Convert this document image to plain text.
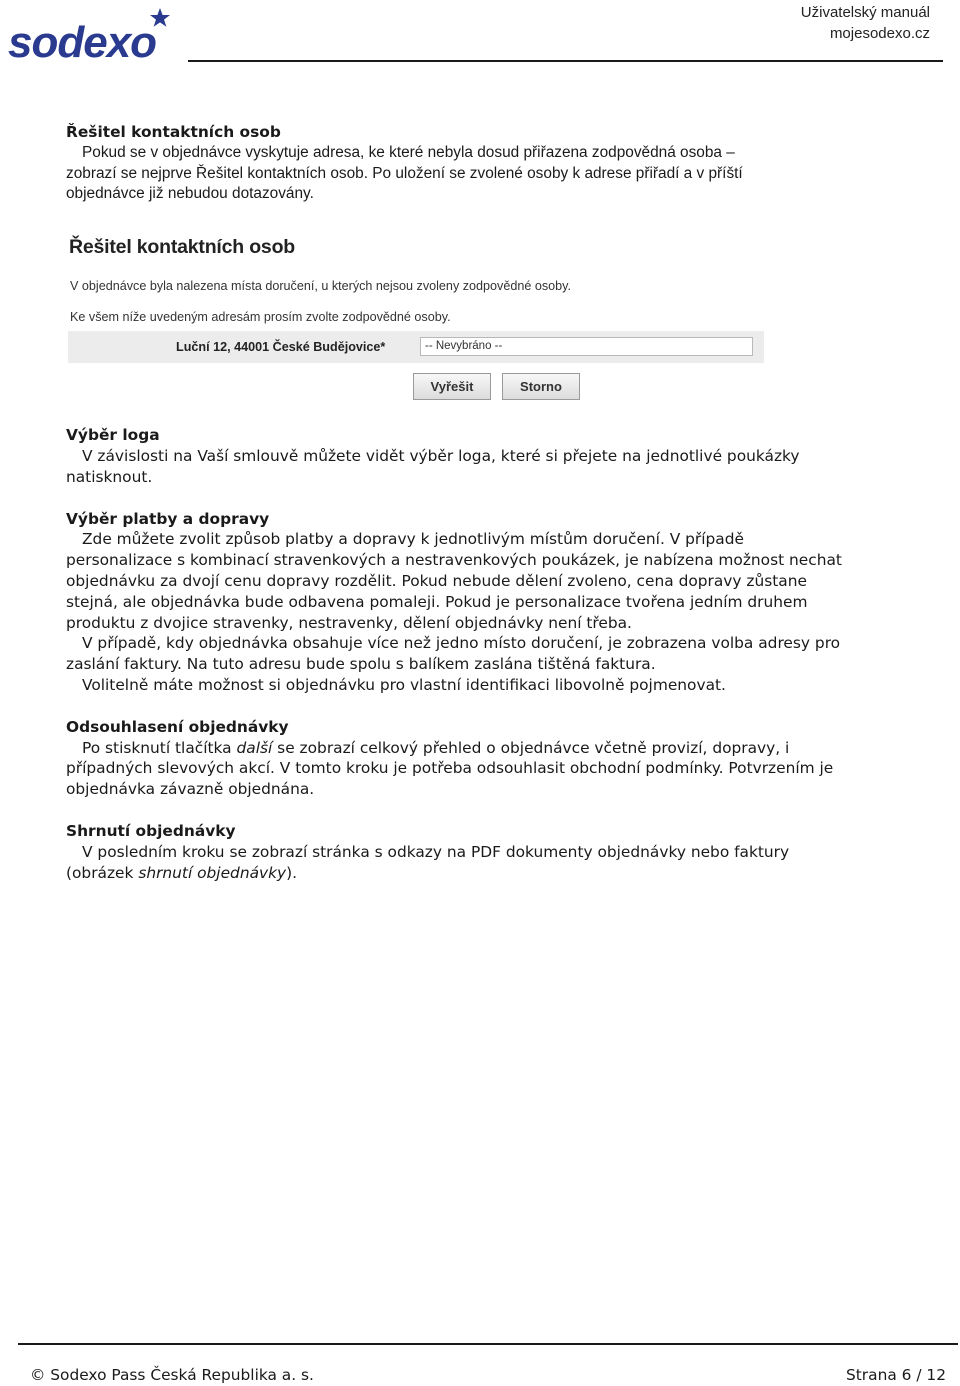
sodexo
Uživatelský manuál
mojesodexo.cz

Řešitel kontaktních osob

Pokud se v objednávce vyskytuje adresa, ke které nebyla dosud přiřazena zodpovědná osoba –

zobrazí se nejprve Řešitel kontaktních osob. Po uložení se zvolené osoby k adrese přiřadí a v příští

objednávce již nebudou dotazovány.

Výběr loga

V závislosti na Vaší smlouvě můžete vidět výběr loga, které si přejete na jednotlivé poukázky

natisknout.

Výběr platby a dopravy

Zde můžete zvolit způsob platby a dopravy k jednotlivým místům doručení. V případě

personalizace s kombinací stravenkových a nestravenkových poukázek, je nabízena možnost nechat

objednávku za dvojí cenu dopravy rozdělit. Pokud nebude dělení zvoleno, cena dopravy zůstane

stejná, ale objednávka bude odbavena pomaleji. Pokud je personalizace tvořena jedním druhem

produktu z dvojice stravenky, nestravenky, dělení objednávky není třeba.

V případě, kdy objednávka obsahuje více než jedno místo doručení, je zobrazena volba adresy pro

zaslání faktury. Na tuto adresu bude spolu s balíkem zaslána tištěná faktura.

Volitelně máte možnost si objednávku pro vlastní identifikaci libovolně pojmenovat.

Odsouhlasení objednávky

Po stisknutí tlačítka další se zobrazí celkový přehled o objednávce včetně provizí, dopravy, i

případných slevových akcí. V tomto kroku je potřeba odsouhlasit obchodní podmínky. Potvrzením je

objednávka závazně objednána.

Shrnutí objednávky

V posledním kroku se zobrazí stránka s odkazy na PDF dokumenty objednávky nebo faktury

(obrázek shrnutí objednávky).

Řešitel kontaktních osob
V objednávce byla nalezena místa doručení, u kterých nejsou zvoleny zodpovědné osoby.
Ke všem níže uvedeným adresám prosím zvolte zodpovědné osoby.
Luční 12, 44001 České Budějovice*	-- Nevybráno --
Vyřešit	Storno
© Sodexo Pass Česká Republika a. s.	Strana 6 / 12
